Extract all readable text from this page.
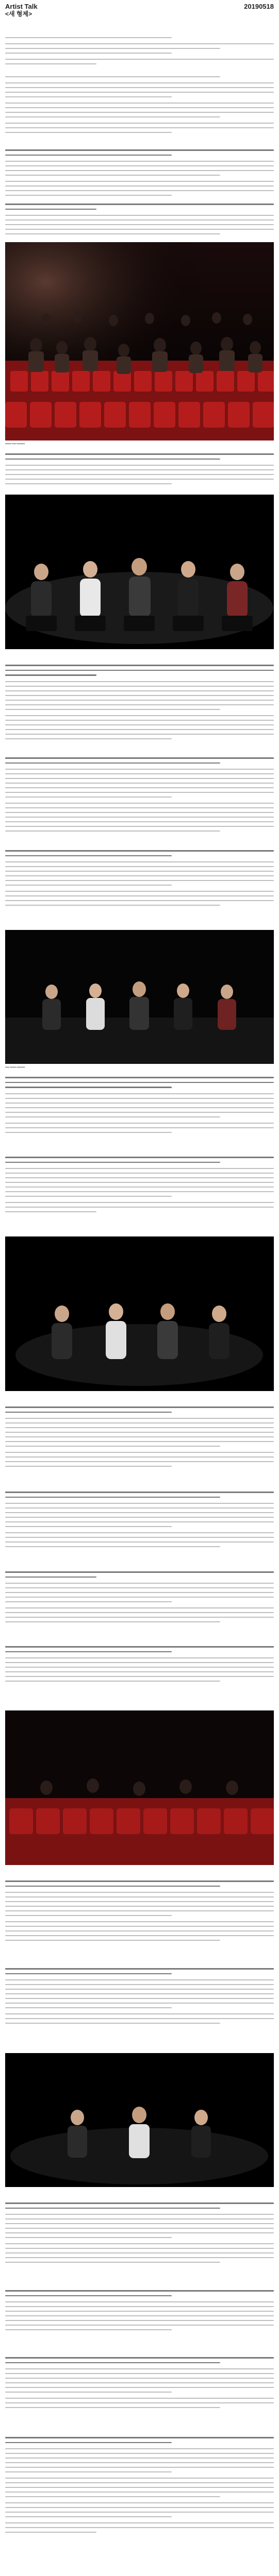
Artist Talk
<새 형제>
20190518
▬▬▬ ▬▬ ▬▬▬▬
▬▬ ▬▬▬ ▬▬▬▬
